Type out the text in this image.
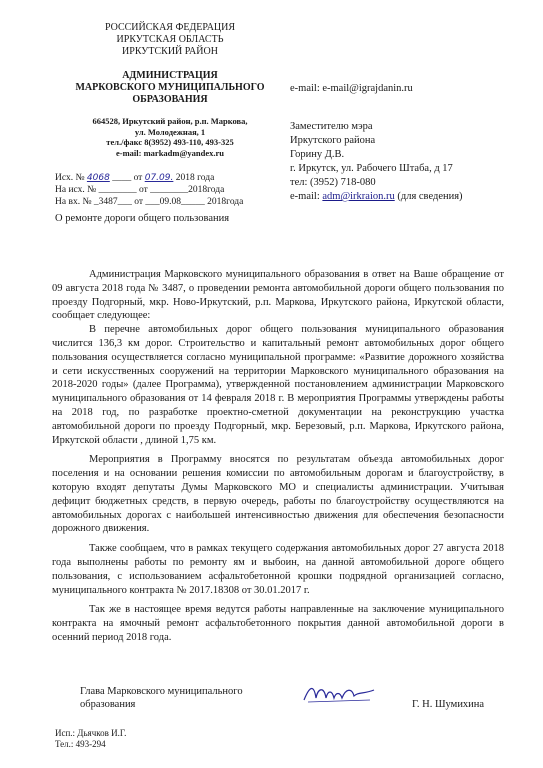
РОССИЙСКАЯ ФЕДЕРАЦИЯ
ИРКУТСКАЯ ОБЛАСТЬ
ИРКУТСКИЙ РАЙОН
АДМИНИСТРАЦИЯ
МАРКОВСКОГО МУНИЦИПАЛЬНОГО
ОБРАЗОВАНИЯ
664528, Иркутский район, р.п. Маркова,
ул. Молодежная, 1
тел./факс 8(3952) 493-110, 493-325
e-mail: markadm@yandex.ru
Исх. № 4068 ____ от 07.09. 2018 года
На исх. № ________ от ________2018года
На вх. № _3487___ от ___09.08_____ 2018года
О ремонте дороги общего пользования
e-mail: e-mail@igrajdanin.ru
Заместителю мэра
Иркутского района
Горину Д.В.
г. Иркутск, ул. Рабочего Штаба, д 17
тел: (3952) 718-080
e-mail: adm@irkraion.ru (для сведения)

Администрация Марковского муниципального образования в ответ на Ваше обращение от 09 августа 2018 года № 3487, о проведении ремонта автомобильной дороги общего пользования по проезду Подгорный, мкр. Ново-Иркутский, р.п. Маркова, Иркутского района, Иркутской области, сообщает следующее:

В перечне автомобильных дорог общего пользования муниципального образования числится 136,3 км дорог. Строительство и капитальный ремонт автомобильных дорог общего пользования осуществляется согласно муниципальной программе: «Развитие дорожного хозяйства и сети искусственных сооружений на территории Марковского муниципального образования на 2018-2020 годы» (далее Программа), утвержденной постановлением администрации Марковского муниципального образования от 14 февраля 2018 г. В мероприятия Программы утверждены работы на 2018 год, по разработке проектно-сметной документации на реконструкцию участка автомобильной дороги по проезду Подгорный, мкр. Березовый, р.п. Маркова, Иркутского района, Иркутской области , длиной 1,75 км.

Мероприятия в Программу вносятся по результатам объезда автомобильных дорог поселения и на основании решения комиссии по автомобильным дорогам и благоустройству, в которую входят депутаты Думы Марковского МО и специалисты администрации. Учитывая дефицит бюджетных средств, в первую очередь, работы по благоустройству осуществляются на автомобильных дорогах с наибольшей интенсивностью движения для обеспечения безопасности дорожного движения.

Также сообщаем, что в рамках текущего содержания автомобильных дорог 27 августа 2018 года выполнены работы по ремонту ям и выбоин, на данной автомобильной дороге общего пользования, с использованием асфальтобетонной крошки подрядной организацией согласно, муниципального контракта № 2017.18308 от 30.01.2017 г.

Так же в настоящее время ведутся работы направленные на заключение муниципального контракта на ямочный ремонт асфальтобетонного покрытия данной автомобильной дороги в осенний период 2018 года.

Глава Марковского муниципального
образования	Г. Н. Шумихина
Исп.: Дьячков И.Г.
Тел.: 493-294
